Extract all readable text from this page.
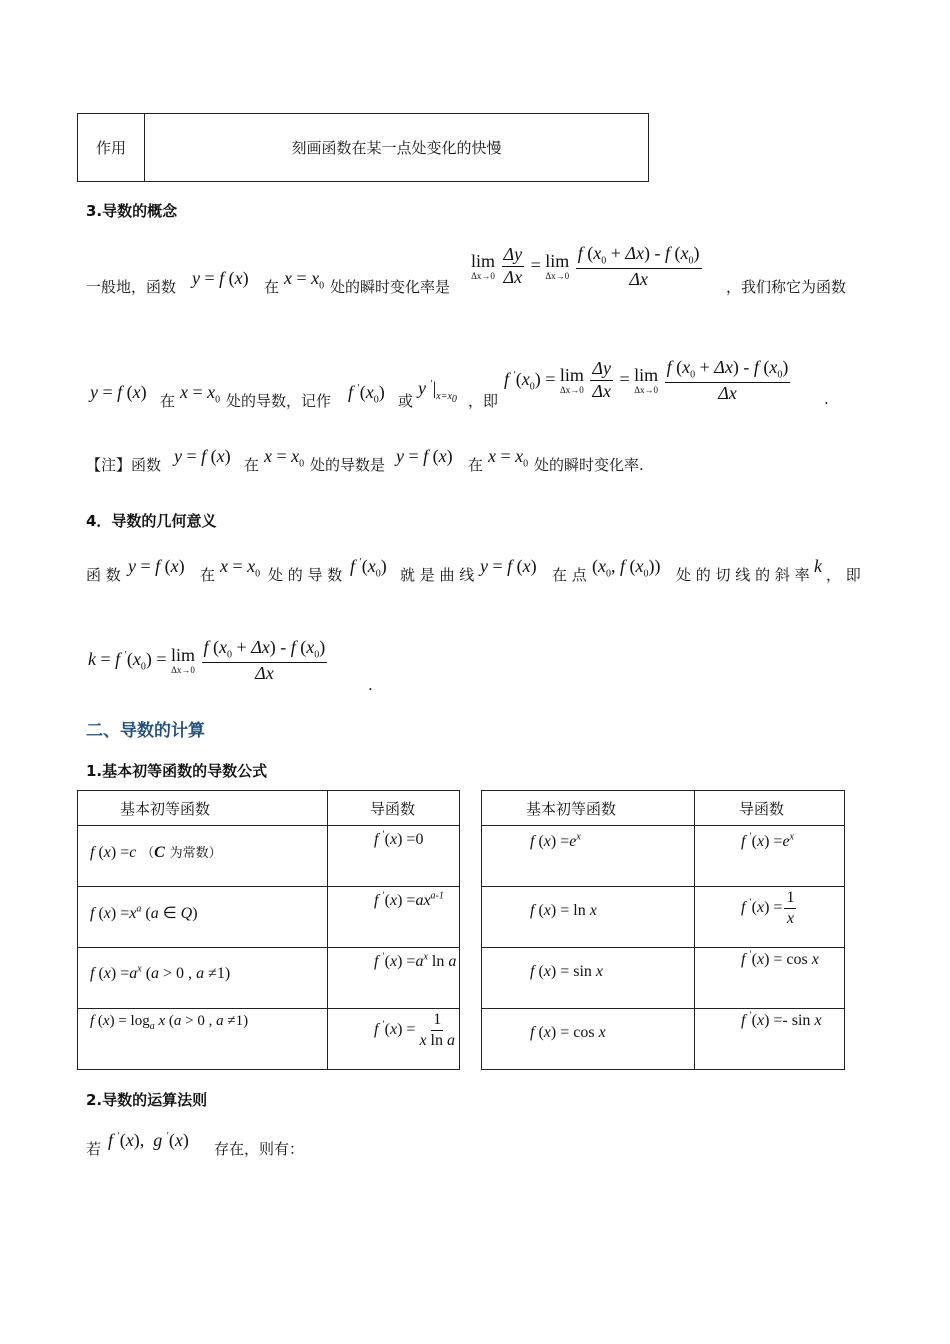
作用	刻画函数在某一点处变化的快慢
3.导数的概念
一般地，函数 y = f (x) 在 $x = x_0$ 处的瞬时变化率是
lim
Δx→0
$\frac{\Delta y}{\Delta x} = \lim$
Δx→0
$\frac{f (x_0 + \Delta x) - f (x_0)}{\Delta x}$ ，我们称它为函数
y = f (x) 在 $x = x_0$ 处的导数，记作 f $'(x_0)$ 或
y $'|_{x=x_0}$ ，即
f $'(x_0) = \lim$
Δx→0
$\frac{\Delta y}{\Delta x} = \lim$
Δx→0
$\frac{f (x_0 + \Delta x) - f (x_0)}{\Delta x}$ .
【注】函数 y = f (x) 在 $x = x_0$ 处的导数是 y = f (x) 在 $x = x_0$ 处的瞬时变化率.
4．导数的几何意义
函 数 y = f (x) 在 $x = x_0$ 处 的 导 数 f $'(x_0)$ 就 是 曲 线 y = f (x) 在 点 ($x_0$, f $(x_0)$) 处 的 切 线 的 斜 率 k ， 即
k = f $'(x_0) = \lim$
Δx→0
$\frac{f (x_0 + \Delta x) - f (x_0)}{\Delta x}$
.
二、导数的计算
1.基本初等函数的导数公式
基本初等函数	导函数
f (x) =c （C 为常数）	f ′(x) =0
f $(x) =x^a$ (a ∈ Q)	f $'(x) =ax^{a-1}$
f $(x) =a^x$ (a > 0 , a ≠1)	f $'(x) =a^x$ ln a
f $(x) = \log_a x$ (a > 0 , a ≠1)	f $'(x) = \frac{1}{\text{x ln a}}$
基本初等函数	导函数
f $(x) =e^x$	f $'(x) =e^x$
f (x) = ln x	f $'(x) = \frac{1}{x}$

f (x) = sin x	f ′(x) = cos x
f (x) = cos x	f ′(x) =- sin x
2.导数的运算法则
若 f ′(x),  g ′(x) 存在，则有：
